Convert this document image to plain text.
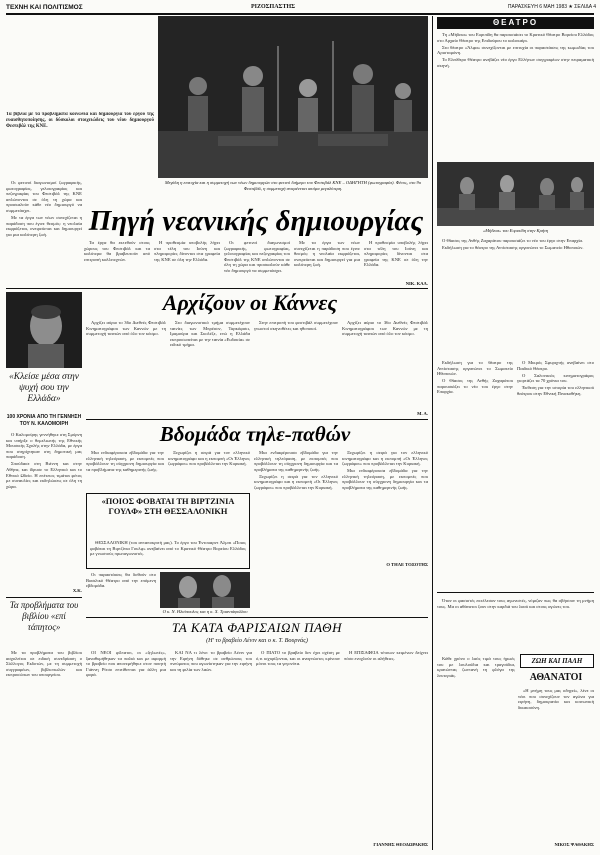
ΤΕΧΝΗ ΚΑΙ ΠΟΛΙΤΙΣΜΟΣ	ΡΙΖΟΣΠΑΣΤΗΣ	ΠΑΡΑΣΚΕΥΗ 6 ΜΑΗ 1983 ★ ΣΕΛΙΔΑ 4
Τα βιβλία με τα προβλήματα κοινωνία και δημιουργία του έργου της ευαισθητοποίησης, οι δύσκολοι στοιχειώδεις του νέου δημιουργού Φεστιβάλ της ΚΝΕ.
Μεγάλη η επιτυχία και η συμμετοχή των νέων δημιουργών στο φετινό διήμερο του Φεστιβάλ ΚΝΕ – ΟΔΗΓΗΤΗ (φωτογραφία). Φέτος, στο 9ο Φεστιβάλ, η συμμετοχή αναμένεται ακόμα μεγαλύτερη.

Οι φετινοί διαγωνισμοί ζωγραφικής, φωτογραφίας, γελοιογραφίας και πεζογραφίας του Φεστιβάλ της ΚΝΕ απλώνονται σε όλη τη χώρα και προσκαλούν κάθε νέο δημιουργό να συμμετάσχει.

Με τα έργα των νέων συνεχίζεται η παράδοση που έγινε θεσμός: η νεολαία εκφράζεται, ονειρεύεται και δημιουργεί για μια καλύτερη ζωή.	Πηγή νεανικής δημιουργίας

Τα έργα θα εκτεθούν στους χώρους του Φεστιβάλ και τα καλύτερα θα βραβευτούν από επιτροπή καλλιτεχνών.

Η προθεσμία υποβολής λήγει στα τέλη του Ιούνη και πληροφορίες δίνονται στα γραφεία της ΚΝΕ σε όλη την Ελλάδα.

Οι φετινοί διαγωνισμοί ζωγραφικής, φωτογραφίας, γελοιογραφίας και πεζογραφίας του Φεστιβάλ της ΚΝΕ απλώνονται σε όλη τη χώρα και προσκαλούν κάθε νέο δημιουργό να συμμετάσχει.

Με τα έργα των νέων συνεχίζεται η παράδοση που έγινε θεσμός: η νεολαία εκφράζεται, ονειρεύεται και δημιουργεί για μια καλύτερη ζωή.

Η προθεσμία υποβολής λήγει στα τέλη του Ιούνη και πληροφορίες δίνονται στα γραφεία της ΚΝΕ σε όλη την Ελλάδα.

ΝΙΚ. ΚΑΛ.
«Κλείσε μέσα στην ψυχή σου την Ελλάδα»
100 ΧΡΟΝΙΑ ΑΠΟ ΤΗ ΓΕΝΝΗΣΗ ΤΟΥ Ν. ΚΑΛΟΜΟΙΡΗ

Ο Καλομοίρης γεννήθηκε στη Σμύρνη και υπήρξε ο θεμελιωτής της Εθνικής Μουσικής Σχολής στην Ελλάδα, με έργα που στηρίχτηκαν στη δημοτική μας παράδοση.

Σπούδασε στη Βιέννη και στην Αθήνα, και ίδρυσε το Ελληνικό και το Εθνικό Ωδείο. Η επέτειος τιμάται φέτος με συναυλίες και εκδηλώσεις σε όλη τη χώρα.

Χ.Κ.
Τα προβλήματα του βιβλίου «επί τάπητος»

Με τα προβλήματα του βιβλίου ασχολείται σε ειδική συνεδρίαση ο Σύλλογος Εκδοτών, με τη συμμετοχή συγγραφέων, βιβλιοπωλών και εκπροσώπων του υπουργείου.

Αρχίζουν οι Κάννες

Αρχίζει αύριο το 36ο Διεθνές Φεστιβάλ Κινηματογράφου των Καννών με τη συμμετοχή ταινιών από όλο τον κόσμο.

Στο διαγωνιστικό τμήμα συμμετέχουν ταινίες των Μπρέσον, Ταρκόφσκι, Ιμαμούρα και Σκολέζε, ενώ η Ελλάδα εκπροσωπείται με την ταινία «Ευδοκία» σε ειδικό τμήμα.

Στην επιτροπή του φεστιβάλ συμμετέχουν γνωστοί σκηνοθέτες και ηθοποιοί.

Αρχίζει αύριο το 36ο Διεθνές Φεστιβάλ Κινηματογράφου των Καννών με τη συμμετοχή ταινιών από όλο τον κόσμο.

Μ. Α.
Βδομάδα τηλε-παθών

Μια ενδιαφέρουσα εβδομάδα για την ελληνική τηλεόραση, με εκπομπές που προβάλλουν τη σύγχρονη δημιουργία και τα προβλήματα της καθημερινής ζωής.

Ξεχωρίζει η σειρά για τον ελληνικό κινηματογράφο και η εκπομπή «Οι Έλληνες ζωγράφοι» που προβάλλεται την Κυριακή.

Μια ενδιαφέρουσα εβδομάδα για την ελληνική τηλεόραση, με εκπομπές που προβάλλουν τη σύγχρονη δημιουργία και τα προβλήματα της καθημερινής ζωής.

Ξεχωρίζει η σειρά για τον ελληνικό κινηματογράφο και η εκπομπή «Οι Έλληνες ζωγράφοι» που προβάλλεται την Κυριακή.

Ξεχωρίζει η σειρά για τον ελληνικό κινηματογράφο και η εκπομπή «Οι Έλληνες ζωγράφοι» που προβάλλεται την Κυριακή.

Μια ενδιαφέρουσα εβδομάδα για την ελληνική τηλεόραση, με εκπομπές που προβάλλουν τη σύγχρονη δημιουργία και τα προβλήματα της καθημερινής ζωής.

Ο ΤΗΛΕ ΤΟΞΟΤΗΣ
«ΠΟΙΟΣ ΦΟΒΑΤΑΙ ΤΗ ΒΙΡΤΖΙΝΙΑ ΓΟΥΛΦ» ΣΤΗ ΘΕΣΣΑΛΟΝΙΚΗ

ΘΕΣΣΑΛΟΝΙΚΗ (του ανταποκριτή μας). Το έργο του Έντουαρντ Άλμπι «Ποιος φοβάται τη Βιρτζίνια Γουλφ» ανεβαίνει από το Κρατικό Θέατρο Βορείου Ελλάδος με γνωστούς πρωταγωνιστές.

Οι παραστάσεις θα δοθούν στο Βασιλικό Θέατρο από την επόμενη εβδομάδα.

Ο κ. Ν. Ηλιόπουλος και η κ. Χ. Τριαντάφυλλου
ΤΑ ΚΑΤΑ ΦΑΡΙΣΑΙΩΝ ΠΑΘΗ
(Η' το βραβείο Λένιν και ο κ. Τ. Βουρνάς)

ΟΙ ΝΕΟΙ φίλτατοι, οι «ζηλωτές», ξαναθυμήθηκαν τα παλιά και με αφορμή το βραβείο που απονεμήθηκε στον ποιητή Γιάννη Ρίτσο επιτίθενται για άλλη μια φορά.

ΚΑΙ ΝΑ τι λένε: το βραβείο Λένιν για την Ειρήνη δόθηκε σε ανθρώπους του πνεύματος που αγωνίστηκαν για την ειρήνη και τη φιλία των λαών.

Ο ΠΙΑΤΟ το βραβείο δεν έχει σχέση με ό,τι ισχυρίζονται, και οι αναγνώστες κρίνουν μόνοι τους τα γεγονότα.

Η ΕΠΙΣΑΦΕΙΑ τέτοιων κειμένων δείχνει πόσο ενοχλούν οι αλήθειες.

ΓΙΑΝΝΗΣ ΘΕΟΔΩΡΑΚΗΣ
ΘΕΑΤΡΟ

Τη «Μήδεια» του Ευριπίδη θα παρουσιάσει το Κρατικό Θέατρο Βορείου Ελλάδος στο Αρχαίο Θέατρο της Επιδαύρου το καλοκαίρι.

Στο θέατρο «Άλφα» συνεχίζονται με επιτυχία οι παραστάσεις της κωμωδίας του Αριστοφάνη.

Το Ελεύθερο Θέατρο ανεβάζει νέο έργο Ελλήνων συγγραφέων στην πειραματική σκηνή.

«Μήδεια» του Ευριπίδη στην Κρήτη

Ο Θίασος της Ανθής Ζαχαράτου παρουσιάζει το νέο του έργο στην Επαρχία.

Εκδήλωση για το θέατρο της Αντίστασης οργανώνει το Σωματείο Ηθοποιών.

Εκδήλωση για το θέατρο της Αντίστασης οργανώνει το Σωματείο Ηθοποιών.

Ο Θίασος της Ανθής Ζαχαράτου παρουσιάζει το νέο του έργο στην Επαρχία.

Ο Μικρός Σφυριχτής ανεβαίνει στο Παιδικό Θέατρο.

Ο Σαλονικιός κινηματογράφος γιορτάζει τα 70 χρόνια του.

Έκθεση για την ιστορία του ελληνικού θεάτρου στην Εθνική Πινακοθήκη.

Όταν οι φασιστές εκτέλεσαν τους αγωνιστές, νόμιζαν πως θα σβήσουν τη μνήμη τους. Μα οι αθάνατοι ζουν στην καρδιά του λαού και στους αγώνες του.

ΖΩΗ ΚΑΙ ΠΑΛΗ
ΑΘΑΝΑΤΟΙ

Κάθε χρόνο ο λαός τιμά τους ήρωές του με λουλούδια και τραγούδια, κρατώντας ζωντανή τη φλόγα της λευτεριάς.

«Η μνήμη τους μας οδηγεί», λένε οι νέοι που συνεχίζουν τον αγώνα για ειρήνη, δημοκρατία και κοινωνική δικαιοσύνη.

ΝΙΚΟΣ ΨΑΘΑΚΗΣ
